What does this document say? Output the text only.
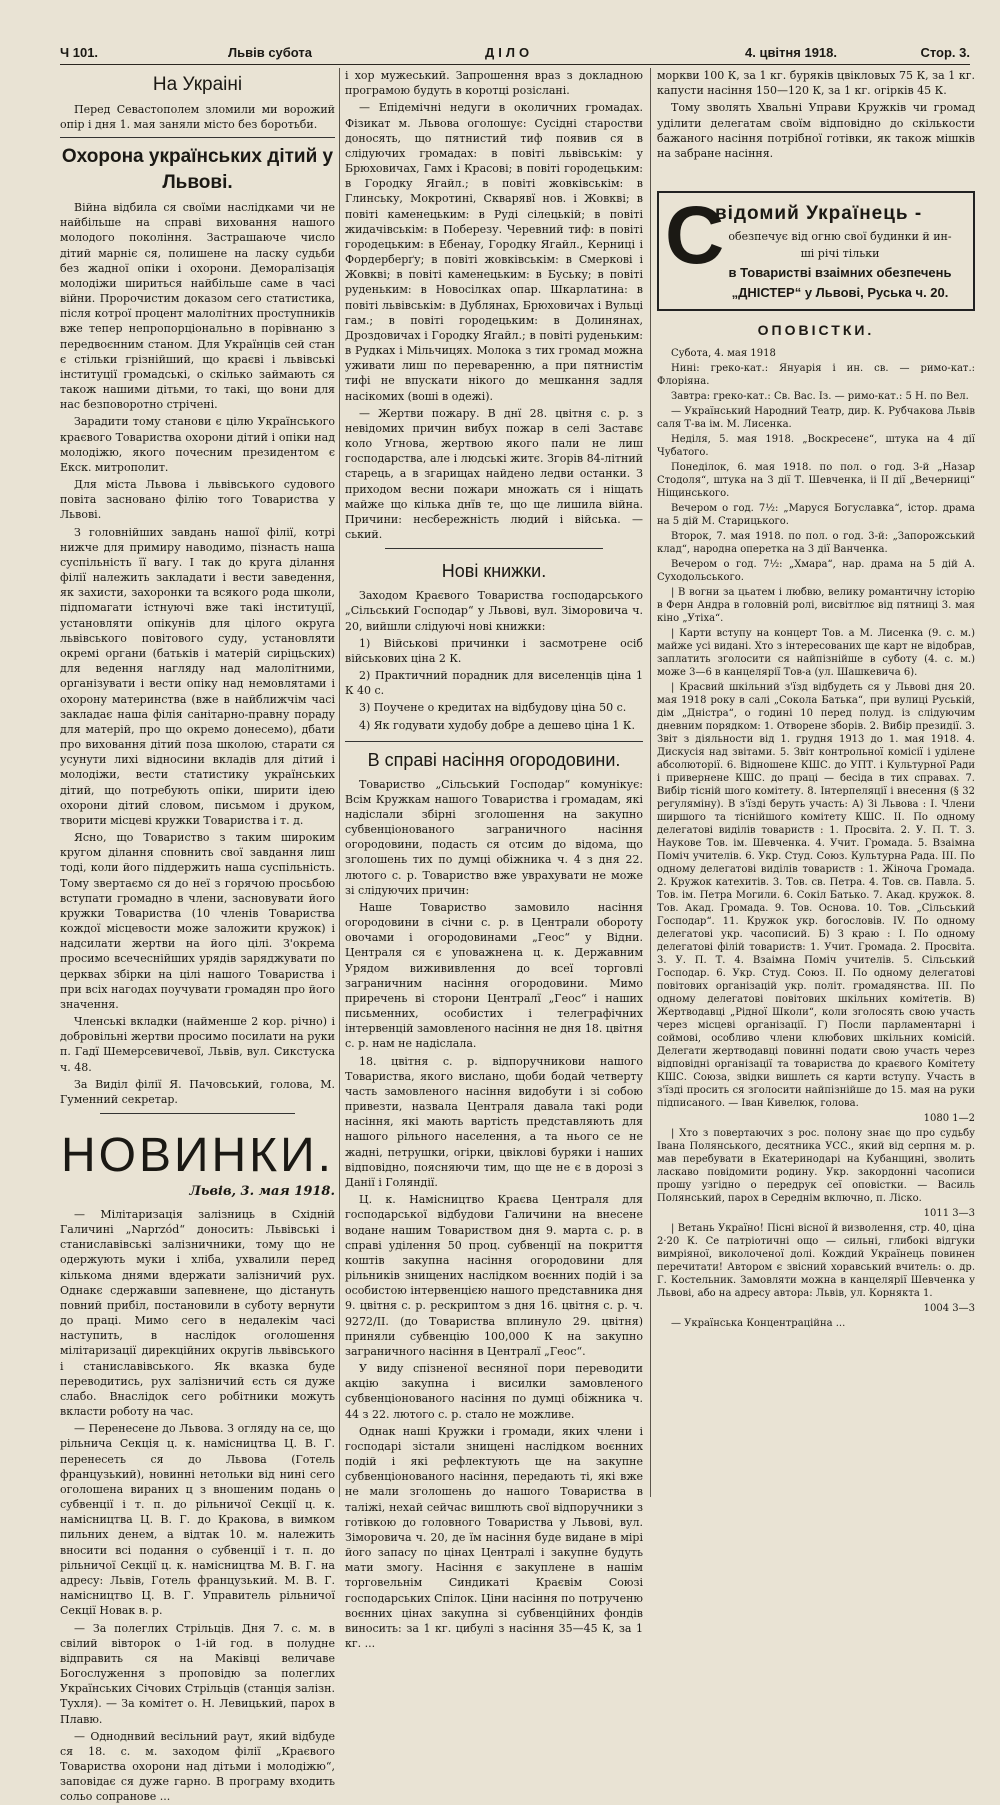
Ч 101.	Львів субота	ДІЛО	4. цвітня 1918.	Стор. 3.
На Украіні

Перед Севастополем зломили ми ворожий опір і дня 1. мая заняли місто без боротьби.

Охорона українських дітий у Львові.

Війна відбила ся своїми наслідками чи не найбільше на справі виховання нашого молодого покоління. Застрашаюче число дітий марніє ся, полишене на ласку судьби без жадної опіки і охорони. Деморалізація молодіжи шириться найбільше саме в часі війни. Пророчистим доказом сего статистика, після котрої процент малолітних проступників вже тепер непропорціонально в порівнаню з передвоєнним станом. Для Українців сей стан є стільки грізнійший, що краєві і львівські інституції громадські, о скілько займають ся також нашими дітьми, то такі, що вони для нас безповоротно стрічені.

Зарадити тому станови є цілю Українського краєвого Товариства охорони дітий і опіки над молодіжю, якого почесним президентом є Екск. митрополит.

Для міста Львова і львівського судового повіта засновано філію того Товариства у Львові.

З головнійших завдань нашої філії, котрі нижче для примиру наводимо, пізнасть наша суспільність її вагу. І так до круга ділання філії належить закладати і вести заведення, як захисти, захоронки та всякого рода школи, підпомагати істнуючі вже такі інституції, установляти опікунів для цілого округа львівського повітового суду, установляти окремі органи (батьків і матерій сиріцьских) для ведення нагляду над малолітними, організувати і вести опіку над немовлятами і охорону материнства (вже в найближчім часі закладає наша філія санітарно-правну пораду для матерій, про що окремо донесемо), дбати про виховання дітий поза школою, старати ся усунути лихі відносини вкладів для дітий і молодіжи, вести статистику українських дітий, що потребують опіки, ширити ідею охорони дітий словом, письмом і друком, творити місцеві кружки Товариства і т. д.

Ясно, що Товариство з таким широким кругом ділання сповнить свої завдання лиш тоді, коли його піддержить наша суспільність. Тому звертаємо ся до неї з горячою просьбою вступати громадно в члени, засновувати його кружки Товариства (10 членів Товариства кождої місцевости може заложити кружок) і надсилати жертви на його цілі. З'окрема просимо всечеснійших урядів заряджувати по церквах збірки на цілі нашого Товариства і при всіх нагодах поучувати громадян про його значення.

Членські вкладки (найменше 2 кор. річно) і добровільні жертви просимо посилати на руки п. Гадї Шемерсевичевої, Львів, вул. Сикстуска ч. 48.

За Виділ філії Я. Пачовський, голова, М. Гуменний секретар.

НОВИНКИ.
Львів, 3. мая 1918.

— Мілітаризація залізниць в Східній Галичині „Nарrzód“ доносить: Львівські і станиславівські залізничники, тому що не одержують муки і хліба, ухвалили перед кількома днями вдержати залізничий рух. Однакє сдержавши запевнене, що дістануть повний прибіл, постановили в суботу вернути до праці. Мимо сего в недалекім часі наступить, в наслідок оголошення мілітаризації дирекційних округів львівського і станиславівського. Як вказка буде переводитись, рух залізничий єсть ся дуже слабо. Внаслідок сего робітники можуть вкласти роботу на час.

— Перенесене до Львова. З огляду на се, що рільнича Секція ц. к. намісництва Ц. В. Г. перенесеть ся до Львова (Готель французький), новинні нетольки від нині сего оголошена вираних ц з вношеним подань о субвенції і т. п. до рільничої Секції ц. к. намісництва Ц. В. Г. до Кракова, в вимком пильних денем, а відтак 10. м. належить вносити всі подання о субвенції і т. п. до рільничої Секції ц. к. намісництва М. В. Г. на адресу: Львів, Готель французький. М. В. Г. намісництво Ц. В. Г. Управитель рільничої Секції Новак в. р.

— За полеглих Стрільців. Дня 7. с. м. в свілий вівторок о 1-ій год. в полудне відправить ся на Маківці величаве Богослуження з проповідю за полеглих Українських Січових Стрільців (станція залізн. Тухля). — За комітет о. Н. Левицький, парох в Плавю.

— Одноднвий весільний раут, який відбуде ся 18. с. м. заходом філії „Краєвого Товариства охорони над дітьми і молодіжю“, заповідає ся дуже гарно. В програму входить сольо сопранове ...

і хор мужеський. Запрошення враз з докладною програмою будуть в коротці розіслані.

— Епідемічні недуги в околичних громадах. Фізикат м. Львова оголошує: Сусідні старостви доносять, що пятнистий тиф появив ся в слідуючих громадах: в повіті львівськім: у Брюховичах, Гамх і Красові; в повіті городецьким: в Городку Ягайл.; в повіті жовківськім: в Глинську, Мокротині, Скварявї нов. і Жовкві; в повіті каменецьким: в Руді сілецькій; в повіті жидачівськім: в Поберезу. Черевний тиф: в повіті городецьким: в Ебенау, Городку Ягайл., Керниці і Фордерберґу; в повіті жовківськім: в Смеркові і Жовкві; в повіті каменецьким: в Буську; в повіті руденьким: в Новосілках опар. Шкарлатина: в повіті львівськім: в Дублянах, Брюховичах і Вульці гам.; в повіті городецьким: в Долинянах, Дроздовичах і Городку Ягайл.; в повіті руденьким: в Рудках і Мільчицях. Молока з тих громад можна уживати лиш по переваренню, а при пятнистім тифі не впускати нікого до мешкання задля насікомих (воші в одежі).

— Жертви пожару. В днї 28. цвітня с. р. з невідомих причин вибух пожар в селі Заставє коло Угнова, жертвою якого пали не лиш господарства, але і людські житє. Згорів 84-літний старець, а в згарищах найдено ледви останки. З приходом весни пожари множать ся і ніщать майже що кілька днїв те, що ще лишила війна. Причини: несбережність людий і війська. — ський.

Нові книжки.

Заходом Краєвого Товариства господарського „Сільський Господар“ у Львові, вул. Зіморовича ч. 20, вийшли слідуючі нові книжки:

1) Військові причинки і засмотрене осіб військових ціна 2 К.

2) Практичний порадник для виселенців ціна 1 К 40 с.

3) Поучене о кредитах на відбудову ціна 50 с.

4) Як годувати худобу добре а дешево ціна 1 К.

В справі насіння огородовини.

Товариство „Сільський Господар“ комунікує: Всім Кружкам нашого Товариства і громадам, які надіслали збірні зголошення на закупно субвенціонованого заграничного насіння огородовини, подасть ся отсим до відома, що зголошень тих по думці обіжника ч. 4 з дня 22. лютого с. р. Товариство вже уврахувати не може зі слідуючих причин:

Наше Товариство замовило насіння огородовини в січни с. р. в Централи обороту овочами і огородовинами „Геос“ у Відни. Централя ся є уповажнена ц. к. Державним Урядом вижививлення до всеї торговлі заграничним насіння огородовини. Мимо приречень ві сторони Централї „Геос“ і наших письменних, особистих і телеграфічних інтервенцій замовленого насіння не дня 18. цвітня с. р. нам не надіслала.

18. цвітня с. р. відпоручникови нашого Товариства, якого вислано, щоби бодай четверту часть замовленого насіння видобути і зі собою привезти, назвала Централя давала такі роди насіння, які мають вартість представляють для нашого рільного населення, а та нього се не жадні, петрушки, огірки, цвіклові буряки і наших відповідно, поясняючи тим, що ще не є в дорозі з Данії і Голяндії.

Ц. к. Намісництво Краєва Централя для господарської відбудови Галичини на внесене водане нашим Товариством дня 9. марта с. р. в справі уділення 50 проц. субвенції на покриття коштів закупна насіння огородовини для рільників знищених наслідком воєнних подій і за особистою інтервенцією нашого представника дня 9. цвітня с. р. рескриптом з дня 16. цвітня с. р. ч. 9272/ІІ. (до Товариства вплинуло 29. цвітня) приняли субвенцію 100,000 К на закупно заграничного насіння в Централї „Геос“.

У виду спізненої весняної пори переводити акцію закупна і висилки замовленого субвенціонованого насіння по думці обіжника ч. 44 з 22. лютого с. р. стало не можливе.

Однак наші Кружки і громади, яких члени і господарі зістали знищені наслідком воєнних подій і які рефлектують ще на закупне субвенціонованого насіння, передають ті, які вже не мали зголошень до нашого Товариства в таліжі, нехай сейчас вишлють свої відпоручники з готівкою до головного Товариства у Львові, вул. Зіморовича ч. 20, де їм насіння буде видане в мірі його запасу по цінах Централі і закупне будуть мати змогу. Насіння є закуплене в нашім торговельнім Синдикаті Краєвім Союзі господарських Спілок. Ціни насіння по потрученю воєнних цінах закупна зі субвенційних фондів виносить: за 1 кг. цибулі з насіння 35—45 К, за 1 кг. ...

моркви 100 К, за 1 кг. буряків цвікловых 75 К, за 1 кг. капусти насіння 150—120 К, за 1 кг. огірків 45 К.

Тому зволять Хвальні Управи Кружків чи громад уділити делегатам своїм відповідно до скількости бажаного насіння потрібної готівки, як також мішків на забране насіння.

С
відомий Українець -
обезпечує від огню свої будинки й ин-
ші річі тільки
в Товаристві взаімних обезпечень
„ДНІСТЕР“ у Львові, Руська ч. 20.
ОПОВІСТКИ.

Субота, 4. мая 1918

Нині: греко-кат.: Януарія і ин. св. — римо-кат.: Флоріяна.

Завтра: греко-кат.: Св. Вас. Із. — римо-кат.: 5 Н. по Вел.

— Український Народний Театр, дир. К. Рубчакова Львів саля Т-ва ім. М. Лисенка.

Неділя, 5. мая 1918. „Воскресенє“, штука на 4 дії Чубатого.

Понеділок, 6. мая 1918. по пол. о год. 3-й „Назар Стодоля“, штука на 3 дії Т. Шевченка, іі II дії „Вечерниці“ Ніщинського.

Вечером о год. 7½: „Маруся Богуславка“, істор. драма на 5 дій М. Старицького.

Второк, 7. мая 1918. по пол. о год. 3-й: „Запорожський клад“, народна оперетка на 3 дії Ванченка.

Вечером о год. 7½: „Хмара“, нар. драма на 5 дій А. Суходольського.

| В вогни за цьатем і любвю, велику романтичну історію в Ферн Андра в головній ролі, висвітлює від пятниці 3. мая кіно „Утіха“.

| Карти вступу на концерт Тов. а М. Лисенка (9. с. м.) майже усі видані. Хто з інтересованих ще карт не відобрав, заплатить зголосити ся найпізнійше в суботу (4. с. м.) може 3—6 в канцелярії Тов-а (ул. Шашкевича 6).

| Красвий шкільний з'їзд відбудеть ся у Львові дня 20. мая 1918 року в салі „Сокола Батька“, при вулиці Руській, дім „Дністра“, о годині 10 перед полуд. із слідуючим дневним порядком: 1. Отворене зборів. 2. Вибір президії. 3. Звіт з діяльности від 1. грудня 1913 до 1. мая 1918. 4. Дискусія над звітами. 5. Звіт контрольної комісії і уділене абсолюторії. 6. Відношене КШС. до УПТ. і Культурної Ради і привернене КШС. до праці — бесіда в тих справах. 7. Вибір тісній шого комітету. 8. Інтерпеляції і внесення (§ 32 регуляміну). В з'їзді беруть участь: А) Зі Львова : І. Члени ширшого та тіснійшого комітету КШС. II. По одному делегатові виділів товариств : 1. Просвіта. 2. У. П. Т. 3. Наукове Тов. ім. Шевченка. 4. Учит. Громада. 5. Взаімна Поміч учителів. 6. Укр. Студ. Союз. Культурна Рада. III. По одному делегатові виділів товариств : 1. Жіноча Громада. 2. Кружок катехитів. 3. Тов. св. Петра. 4. Тов. св. Павла. 5. Тов. ім. Петра Могили. 6. Сокіл Батько. 7. Акад. кружок. 8. Тов. Акад. Громада. 9. Тов. Основа. 10. Тов. „Сільський Господар“. 11. Кружок укр. богословів. IV. По одному делегатові укр. часописий. Б) З краю : I. По одному делегатові філій товариств: 1. Учит. Громада. 2. Просвіта. 3. У. П. Т. 4. Взаімна Поміч учителів. 5. Сільський Господар. 6. Укр. Студ. Союз. II. По одному делегатові повітових організацій укр. політ. громадянства. III. По одному делегатові повітових шкільних комітетів. В) Жертводавці „Рідної Школи“, коли зголосять свою участь через місцеві організації. Г) Посли парламентарні і соймові, особливо члени клюбових шкільних комісій. Делегати жертводавці повинні подати свою участь через відповідні організації та товариства до краєвого Комітету КШС. Союза, звідки вишлеть ся карти вступу. Участь в з'їзді просить ся зголосити найпізнійше до 15. мая на руки підписаного. — Іван Кивелюк, голова.

1080 1—2

| Хто з повертаючих з рос. полону знає що про судьбу Івана Полянського, десятника УСС., який від серпня м. р. мав перебувати в Екатеринодарі на Кубанщині, зволить ласкаво повідомити родину. Укр. закордонні часописи прошу узгідно о передрук сеї оповістки. — Василь Полянський, парох в Середнім включно, п. Ліско.

1011 3—3

| Ветань Україно! Пісні вісної й визволення, стр. 40, ціна 2·20 К. Се патріотичні ощо — сильні, глибокі відгуки вимріяної, виколоченої долі. Кождий Українець повинен перечитати! Автором є звісний хоравський вчитель: о. др. Г. Костельник. Замовляти можна в канцелярії Шевченка у Львові, або на адресу автора: Львів, ул. Корнякта 1.

1004 3—3

— Українська Концентраційна ...
